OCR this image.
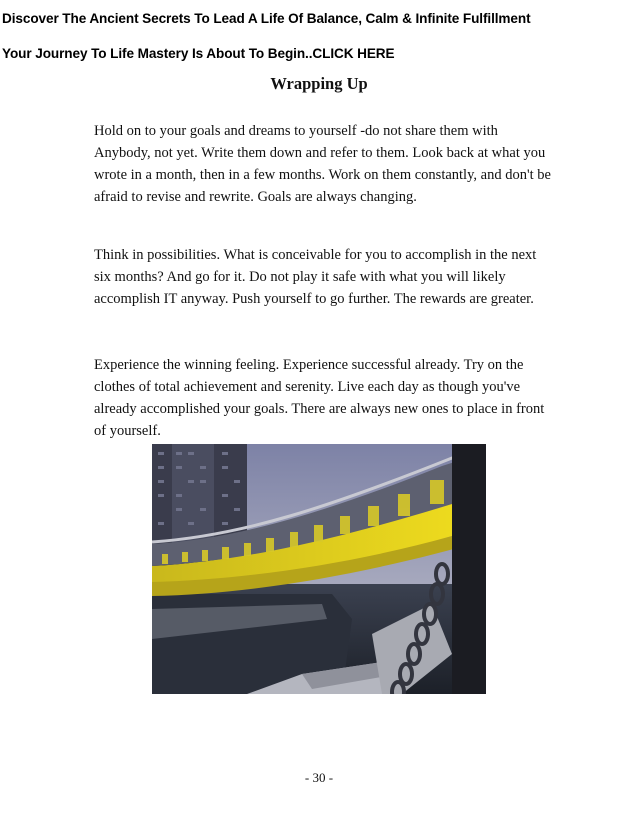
Discover The Ancient Secrets To Lead A Life Of Balance, Calm & Infinite Fulfillment
Your Journey To Life Mastery Is About To Begin..CLICK HERE
Wrapping Up

Hold on to your goals and dreams to yourself -do not share them with Anybody, not yet. Write them down and refer to them. Look back at what you wrote in a month, then in a few months. Work on them constantly, and don't be afraid to revise and rewrite. Goals are always changing.

Think in possibilities. What is conceivable for you to accomplish in the next six months? And go for it. Do not play it safe with what you will likely accomplish IT anyway. Push yourself to go further. The rewards are greater.

Experience the winning feeling. Experience successful already. Try on the clothes of total achievement and serenity. Live each day as though you've already accomplished your goals. There are always new ones to place in front of yourself.

- 30 -
